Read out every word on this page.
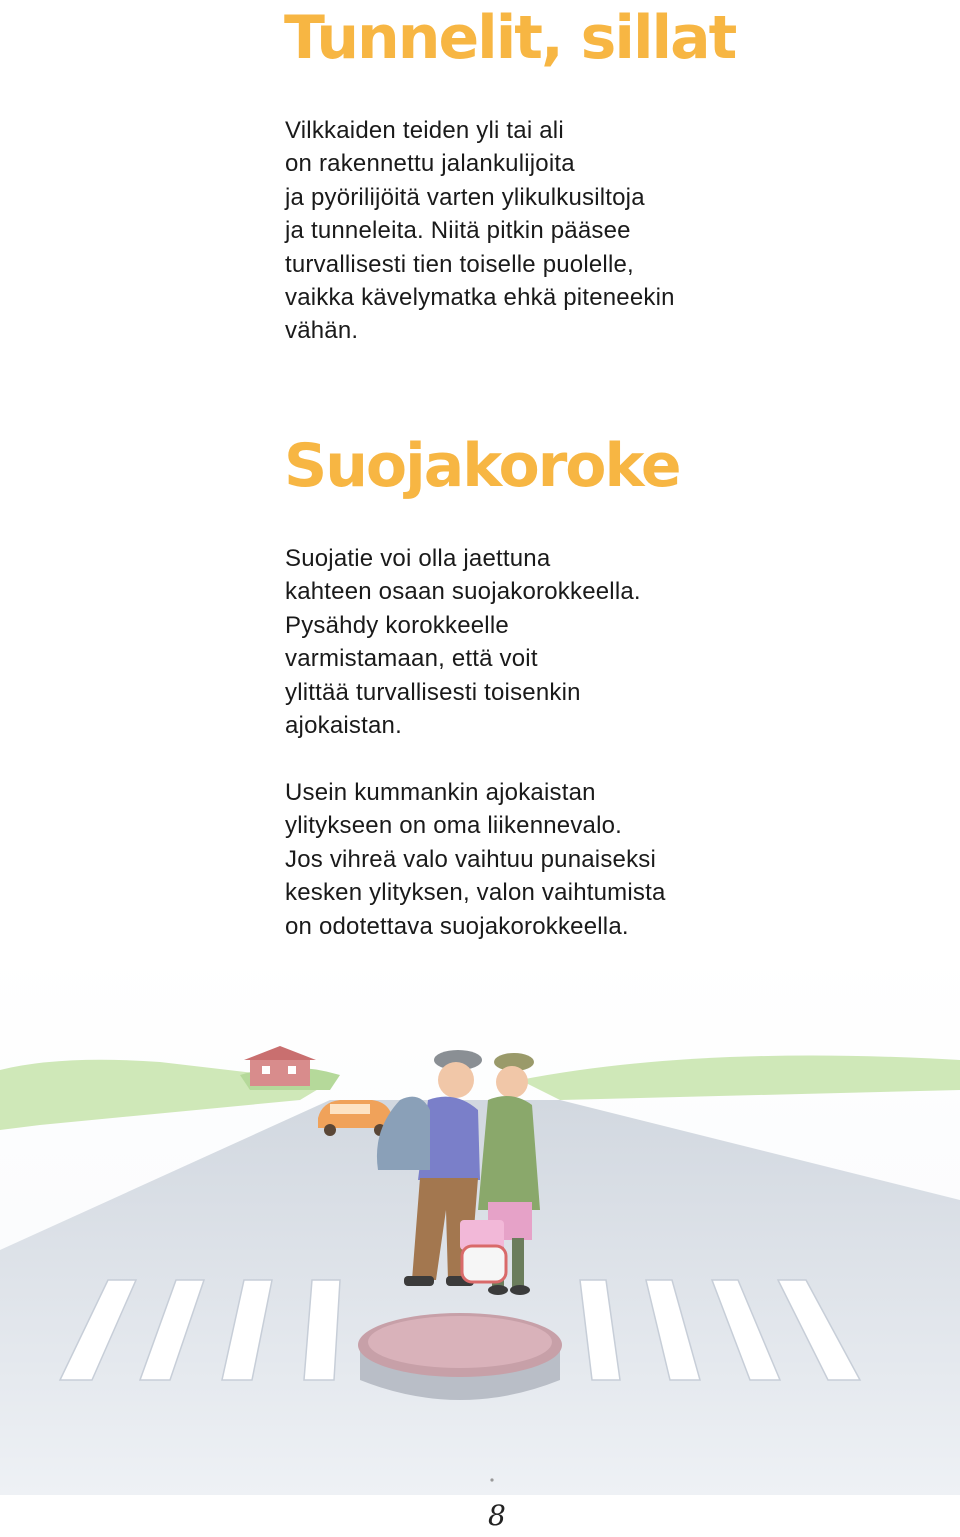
Tunnelit, sillat

Vilkkaiden teiden yli tai ali
on rakennettu jalankulijoita
ja pyörilijöitä varten ylikulkusiltoja
ja tunneleita. Niitä pitkin pääsee
turvallisesti tien toiselle puolelle,
vaikka kävelymatka ehkä piteneekin
vähän.

Suojakoroke

Suojatie voi olla jaettuna
kahteen osaan suojakorokkeella.
Pysähdy korokkeelle
varmistamaan, että voit
ylittää turvallisesti toisenkin
ajokaistan.

Usein kummankin ajokaistan
ylitykseen on oma liikennevalo.
Jos vihreä valo vaihtuu punaiseksi
kesken ylityksen, valon vaihtumista
on odotettava suojakorokkeella.

8
